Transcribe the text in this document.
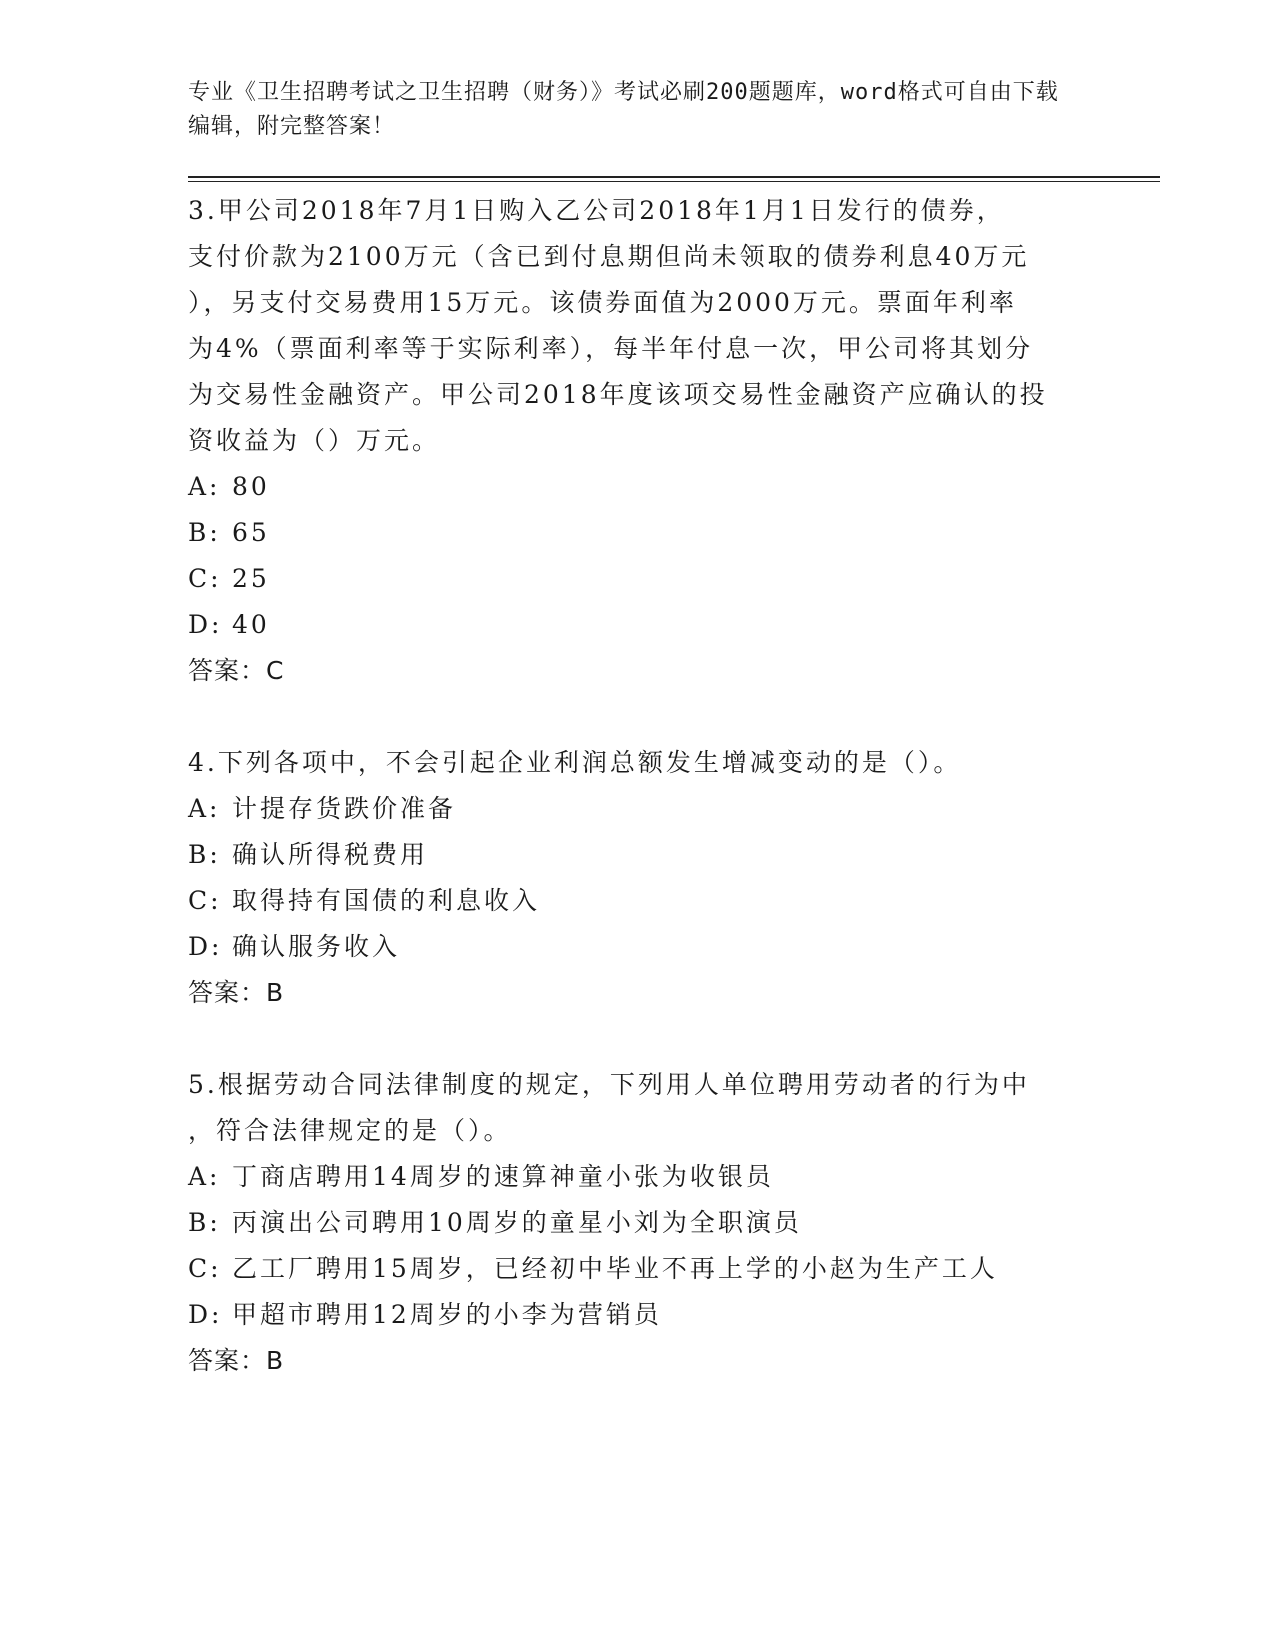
专业《卫生招聘考试之卫生招聘（财务）》考试必刷200题题库，word格式可自由下载编辑，附完整答案！
3.甲公司2018年7月1日购入乙公司2018年1月1日发行的债券，
支付价款为2100万元（含已到付息期但尚未领取的债券利息40万元
），另支付交易费用15万元。该债券面值为2000万元。票面年利率
为4%（票面利率等于实际利率），每半年付息一次，甲公司将其划分
为交易性金融资产。甲公司2018年度该项交易性金融资产应确认的投
资收益为（）万元。
A: 80
B: 65
C: 25
D: 40
答案：C
4.下列各项中，不会引起企业利润总额发生增减变动的是（）。
A: 计提存货跌价准备
B: 确认所得税费用
C: 取得持有国债的利息收入
D: 确认服务收入
答案：B
5.根据劳动合同法律制度的规定，下列用人单位聘用劳动者的行为中
，符合法律规定的是（）。
A: 丁商店聘用14周岁的速算神童小张为收银员
B: 丙演出公司聘用10周岁的童星小刘为全职演员
C: 乙工厂聘用15周岁，已经初中毕业不再上学的小赵为生产工人
D: 甲超市聘用12周岁的小李为营销员
答案：B
